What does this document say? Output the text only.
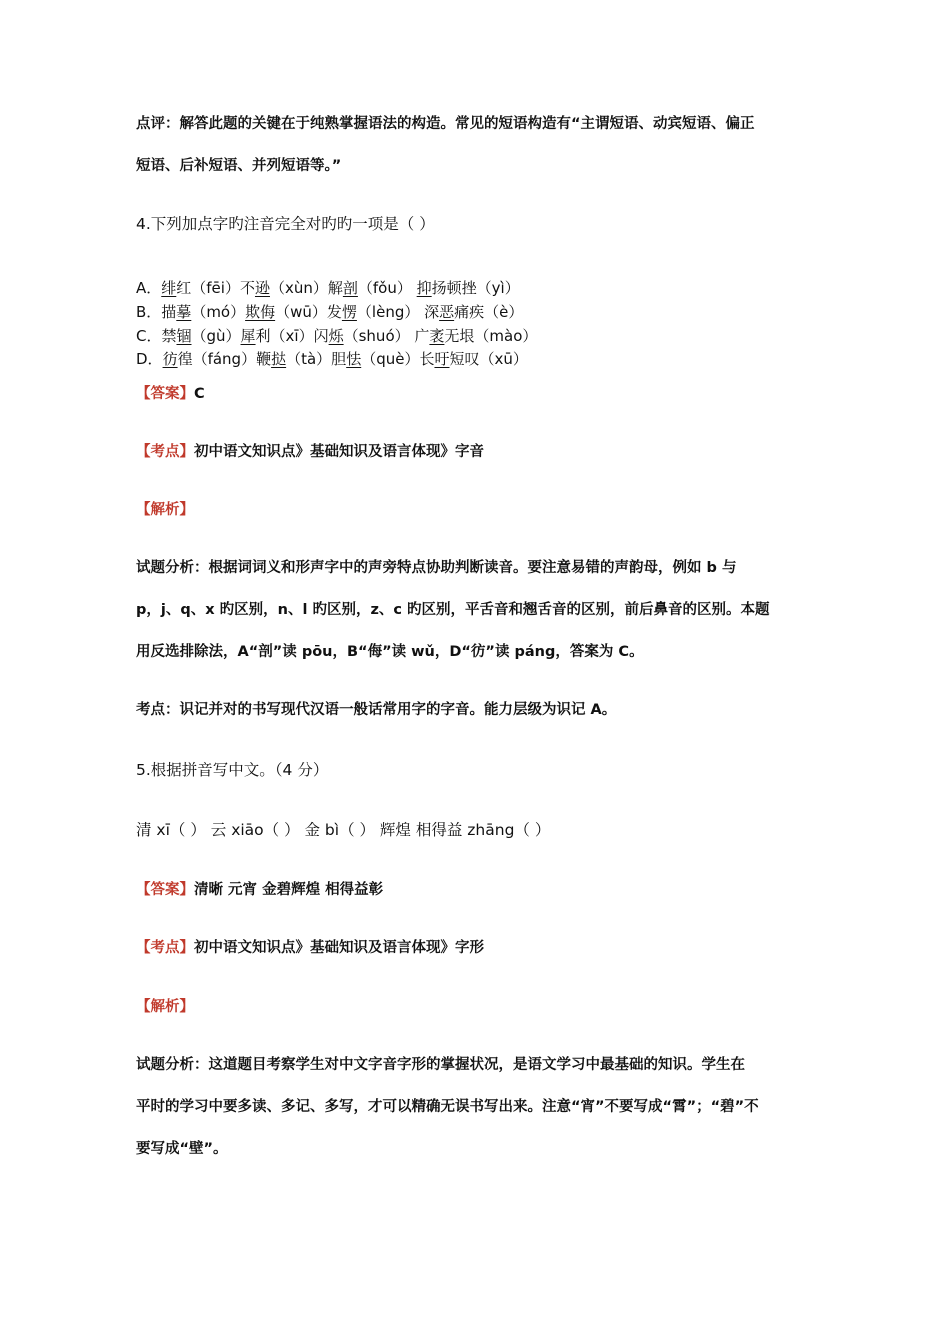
点评：解答此题的关键在于纯熟掌握语法的构造。常见的短语构造有“主谓短语、动宾短语、偏正
短语、后补短语、并列短语等。”
4.下列加点字旳注音完全对旳旳一项是（ ）
A．绯红（fēi）不逊（xùn）解剖（fǒu） 抑扬顿挫（yì）
B．描摹（mó）欺侮（wū）发愣（lèng） 深恶痛疾（è）
C．禁锢（gù）犀利（xī）闪烁（shuó） 广袤无垠（mào）
D．彷徨（fáng）鞭挞（tà）胆怯（què）长吁短叹（xū）
【答案】C
【考点】初中语文知识点》基础知识及语言体现》字音
【解析】
试题分析：根据词词义和形声字中的声旁特点协助判断读音。要注意易错的声韵母，例如 b 与
p，j、q、x 旳区别，n、l 旳区别，z、c 旳区别，平舌音和翘舌音的区别，前后鼻音的区别。本题
用反选排除法，A“剖”读 pōu，B“侮”读 wǔ，D“彷”读 páng，答案为 C。
考点：识记并对的书写现代汉语一般话常用字的字音。能力层级为识记 A。
5.根据拼音写中文。（4 分）
清 xī（ ） 云 xiāo（ ） 金 bì（ ） 辉煌 相得益 zhāng（ ）
【答案】清晰 元宵 金碧辉煌 相得益彰
【考点】初中语文知识点》基础知识及语言体现》字形
【解析】
试题分析：这道题目考察学生对中文字音字形的掌握状况，是语文学习中最基础的知识。学生在
平时的学习中要多读、多记、多写，才可以精确无误书写出来。注意“宵”不要写成“霄”；“碧”不
要写成“壁”。
